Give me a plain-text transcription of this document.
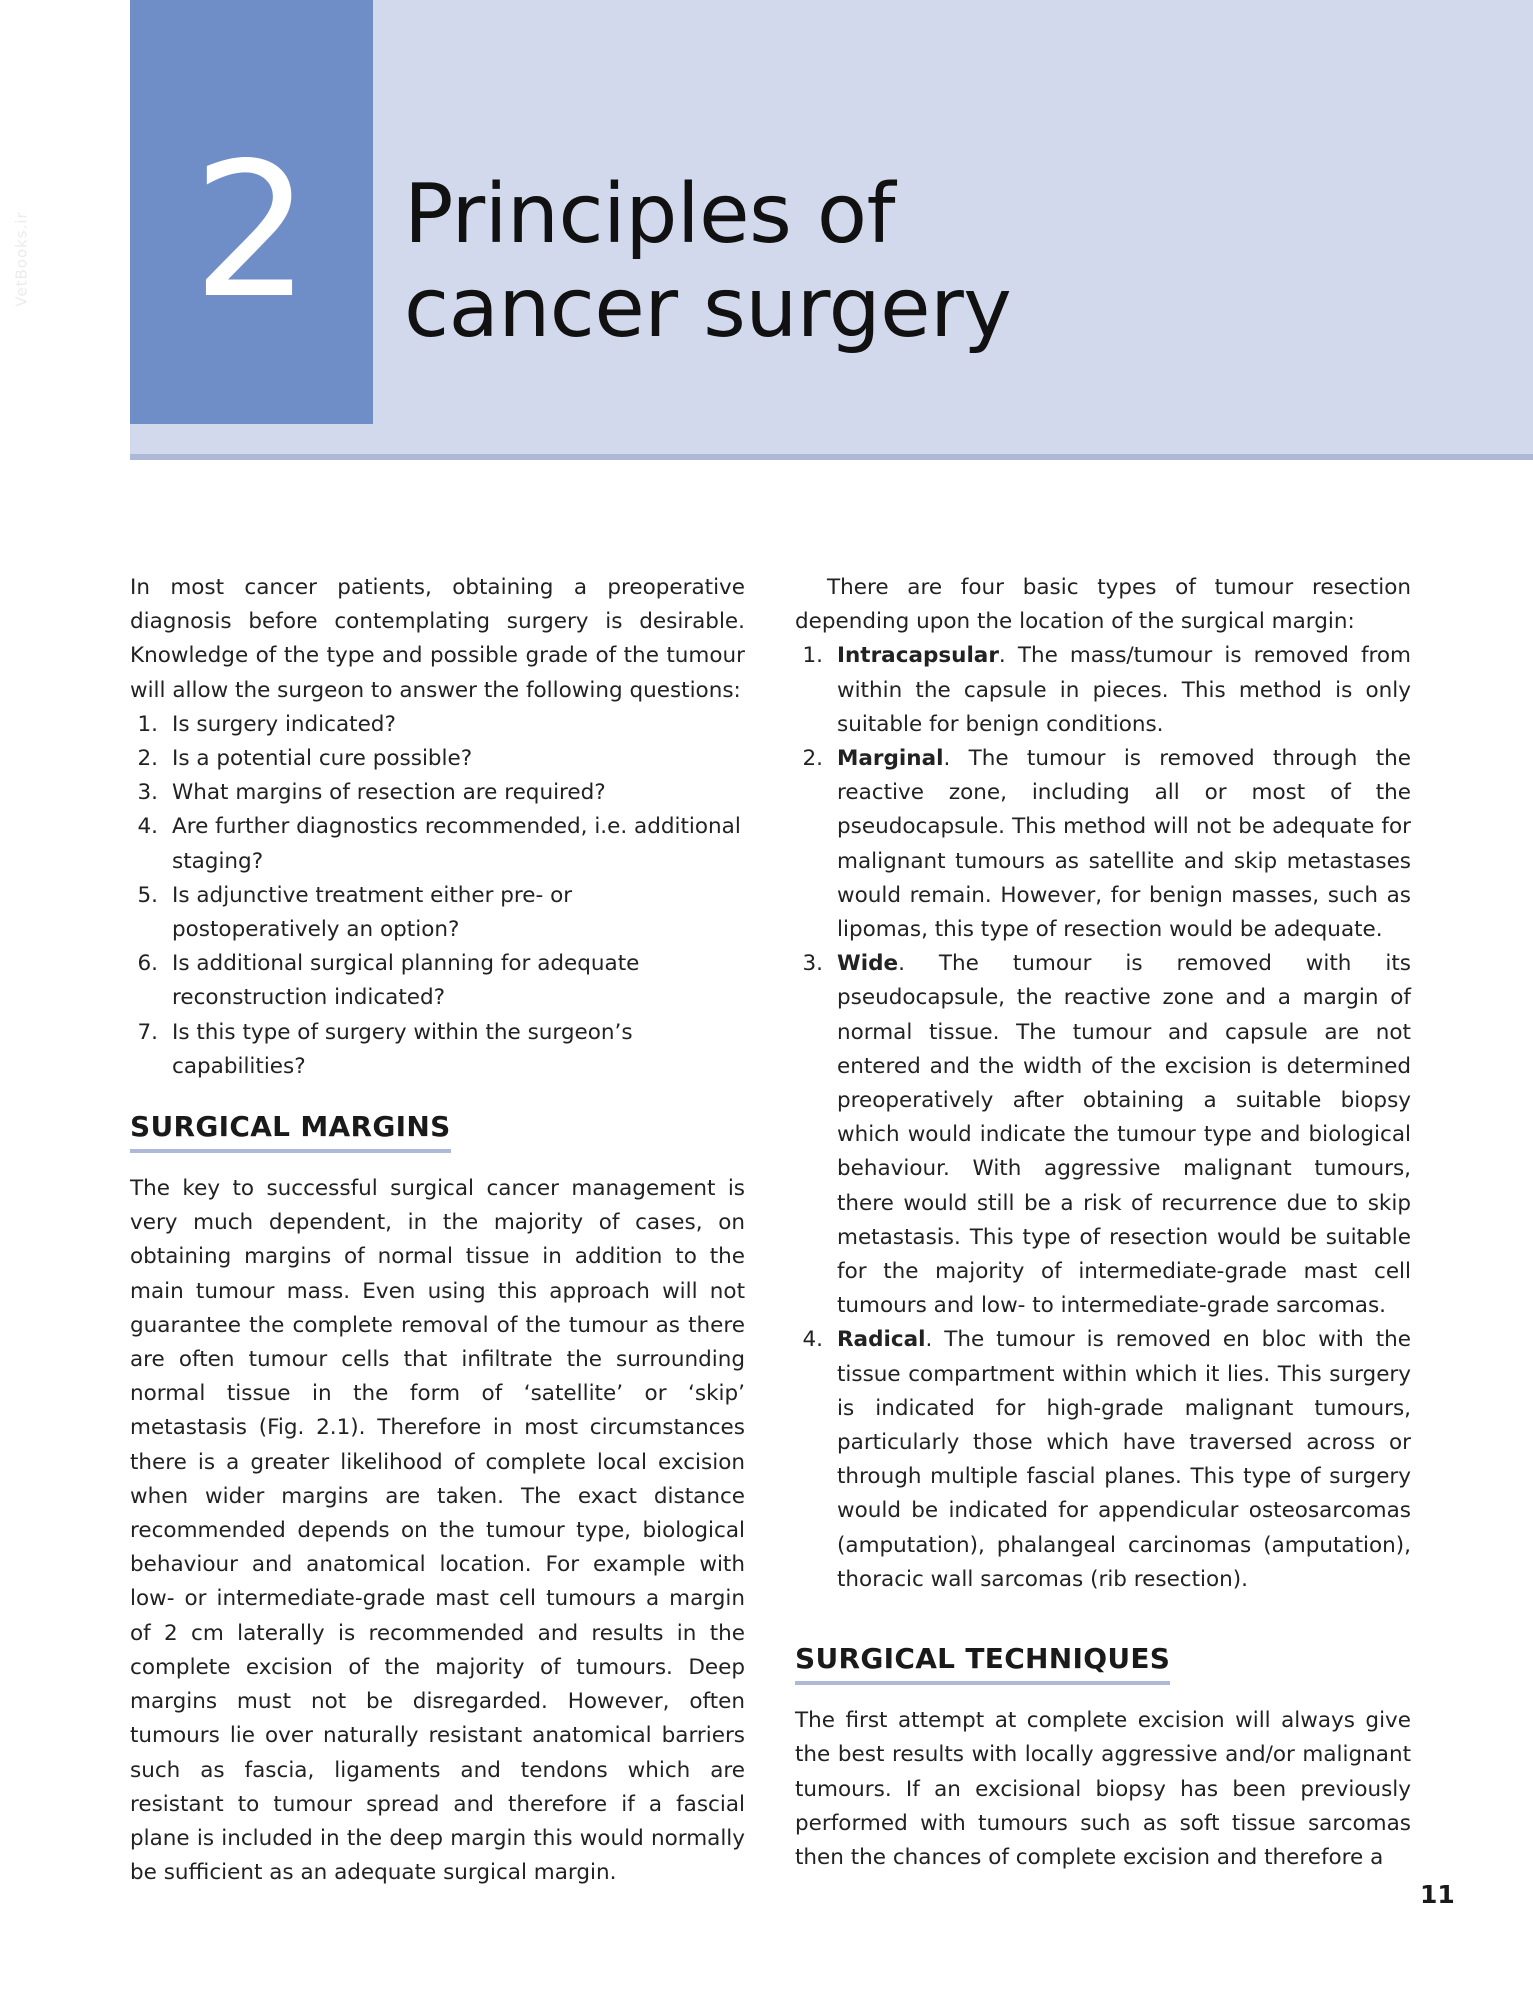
2	Principles of
cancer surgery
VetBooks.ir

In most cancer patients, obtaining a preoperative diagnosis before contemplating surgery is desirable. Knowledge of the type and possible grade of the tumour will allow the surgeon to answer the following questions:

1. Is surgery indicated?
2. Is a potential cure possible?
3. What margins of resection are required?
4. Are further diagnostics recommended, i.e. additional staging?
5. Is adjunctive treatment either pre- or postoperatively an option?
6. Is additional surgical planning for adequate reconstruction indicated?
7. Is this type of surgery within the surgeon’s capabilities?
SURGICAL MARGINS

The key to successful surgical cancer management is very much dependent, in the majority of cases, on obtaining margins of normal tissue in addition to the main tumour mass. Even using this approach will not guarantee the complete removal of the tumour as there are often tumour cells that infiltrate the surrounding normal tissue in the form of ‘satellite’ or ‘skip’ metastasis (Fig. 2.1). Therefore in most circumstances there is a greater likelihood of complete local excision when wider margins are taken. The exact distance recommended depends on the tumour type, biological behaviour and anatomical location. For example with low- or intermediate-grade mast cell tumours a margin of 2 cm laterally is recommended and results in the complete excision of the majority of tumours. Deep margins must not be disregarded. However, often tumours lie over naturally resistant anatomical barriers such as fascia, ligaments and tendons which are resistant to tumour spread and therefore if a fascial plane is included in the deep margin this would normally be sufficient as an adequate surgical margin.

There are four basic types of tumour resection depending upon the location of the surgical margin:

1. Intracapsular. The mass/tumour is removed from within the capsule in pieces. This method is only suitable for benign conditions.
2. Marginal. The tumour is removed through the reactive zone, including all or most of the pseudocapsule. This method will not be adequate for malignant tumours as satellite and skip metastases would remain. However, for benign masses, such as lipomas, this type of resection would be adequate.
3. Wide. The tumour is removed with its pseudocapsule, the reactive zone and a margin of normal tissue. The tumour and capsule are not entered and the width of the excision is determined preoperatively after obtaining a suitable biopsy which would indicate the tumour type and biological behaviour. With aggressive malignant tumours, there would still be a risk of recurrence due to skip metastasis. This type of resection would be suitable for the majority of intermediate-grade mast cell tumours and low- to intermediate-grade sarcomas.
4. Radical. The tumour is removed en bloc with the tissue compartment within which it lies. This surgery is indicated for high-grade malignant tumours, particularly those which have traversed across or through multiple fascial planes. This type of surgery would be indicated for appendicular osteosarcomas (amputation), phalangeal carcinomas (amputation), thoracic wall sarcomas (rib resection).
SURGICAL TECHNIQUES

The first attempt at complete excision will always give the best results with locally aggressive and/or malignant tumours. If an excisional biopsy has been previously performed with tumours such as soft tissue sarcomas then the chances of complete excision and therefore a

11
